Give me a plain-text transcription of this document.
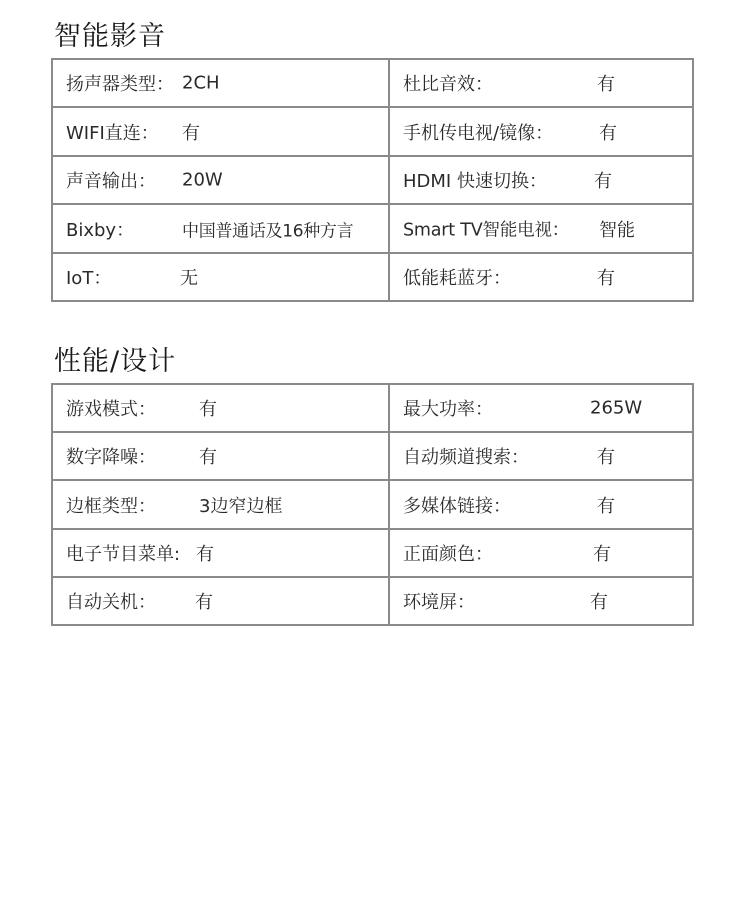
智能影音
扬声器类型： 2CH	杜比音效： 有

WIFI直连： 有	手机传电视/镜像： 有

声音输出： 20W	HDMI 快速切换： 有

Bixby： 中国普通话及16种方言	Smart TV智能电视： 智能

IoT： 无	低能耗蓝牙： 有
性能/设计
游戏模式： 有	最大功率： 265W

数字降噪： 有	自动频道搜索： 有

边框类型： 3边窄边框	多媒体链接： 有

电子节目菜单: 有	正面颜色： 有

自动关机： 有	环境屏： 有
